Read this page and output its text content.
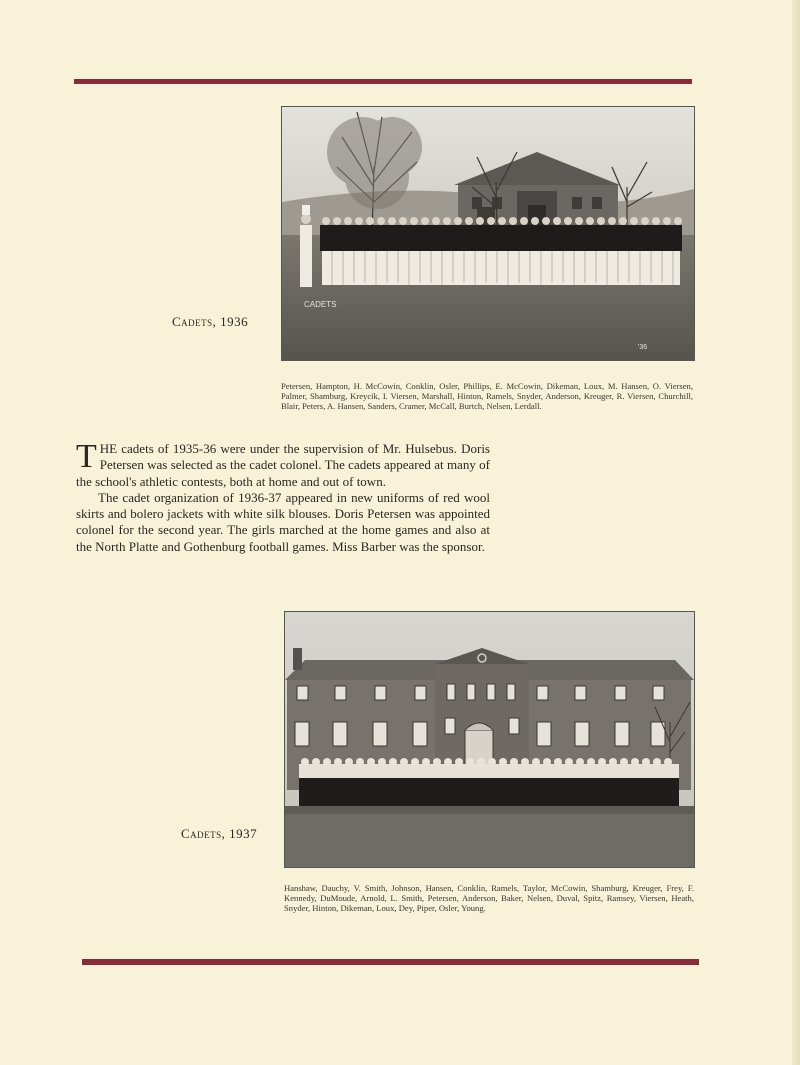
CADETS
'36
Cadets, 1936
Petersen, Hampton, H. McCowin, Conklin, Osler, Phillips, E. McCowin, Dikeman, Loux, M. Hansen, O. Viersen, Palmer, Shamburg, Kreycik, I. Viersen, Marshall, Hinton, Ramels, Snyder, Anderson, Kreuger, R. Viersen, Churchill, Blair, Peters, A. Hansen, Sanders, Cramer, McCall, Burtch, Nelsen, Lerdall.

THE cadets of 1935-36 were under the supervision of Mr. Hulsebus. Doris Petersen was selected as the cadet colonel. The cadets appeared at many of the school's athletic contests, both at home and out of town.

The cadet organization of 1936-37 appeared in new uniforms of red wool skirts and bolero jackets with white silk blouses. Doris Petersen was appointed colonel for the second year. The girls marched at the home games and also at the North Platte and Gothenburg football games. Miss Barber was the sponsor.

Cadets, 1937
Hanshaw, Dauchy, V. Smith, Johnson, Hansen, Conklin, Ramels, Taylor, McCowin, Shamburg, Kreuger, Frey, F. Kennedy, DuMoude, Arnold, L. Smith, Petersen, Anderson, Baker, Nelsen, Duval, Spitz, Ramsey, Viersen, Heath, Snyder, Hinton, Dikeman, Loux, Dey, Piper, Osler, Young.
